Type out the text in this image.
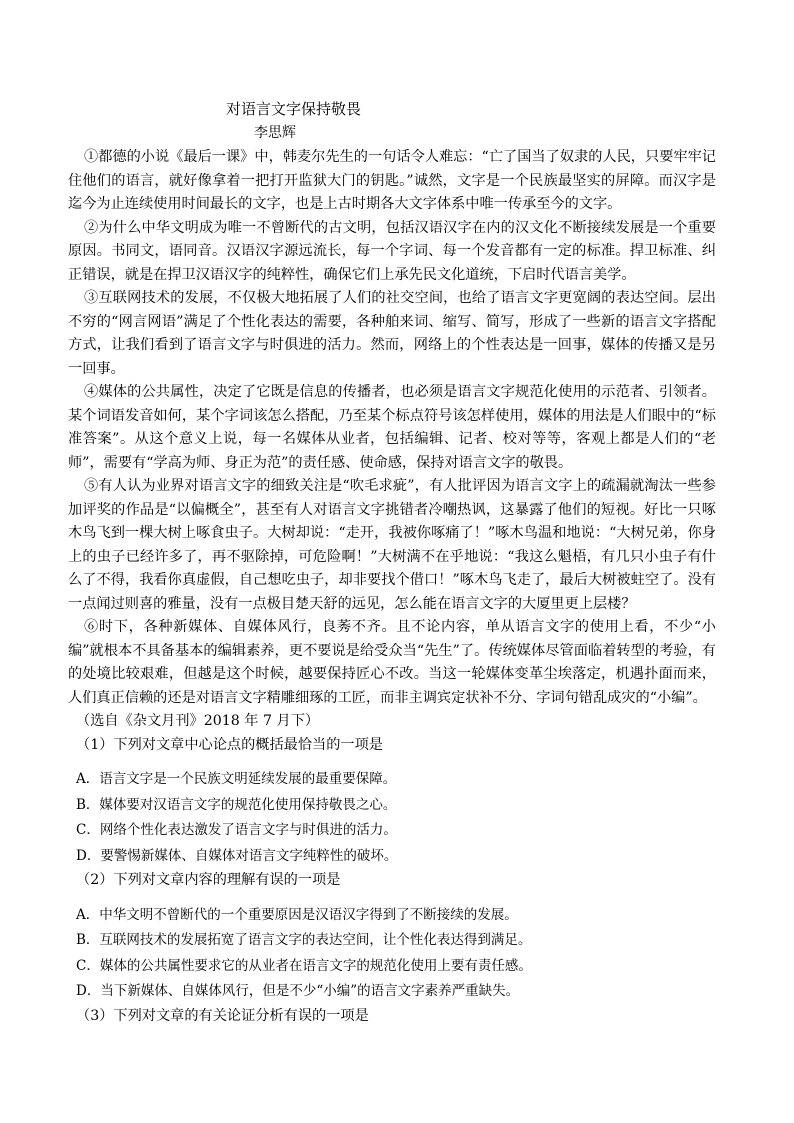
对语言文字保持敬畏
李思辉

①都德的小说《最后一课》中，韩麦尔先生的一句话令人难忘：“亡了国当了奴隶的人民，只要牢牢记住他们的语言，就好像拿着一把打开监狱大门的钥匙。”诚然，文字是一个民族最坚实的屏障。而汉字是迄今为止连续使用时间最长的文字，也是上古时期各大文字体系中唯一传承至今的文字。

②为什么中华文明成为唯一不曾断代的古文明，包括汉语汉字在内的汉文化不断接续发展是一个重要原因。书同文，语同音。汉语汉字源远流长，每一个字词、每一个发音都有一定的标准。捍卫标准、纠正错误，就是在捍卫汉语汉字的纯粹性，确保它们上承先民文化道统，下启时代语言美学。

③互联网技术的发展，不仅极大地拓展了人们的社交空间，也给了语言文字更宽阔的表达空间。层出不穷的“网言网语”满足了个性化表达的需要，各种舶来词、缩写、简写，形成了一些新的语言文字搭配方式，让我们看到了语言文字与时俱进的活力。然而，网络上的个性表达是一回事，媒体的传播又是另一回事。

④媒体的公共属性，决定了它既是信息的传播者，也必须是语言文字规范化使用的示范者、引领者。某个词语发音如何，某个字词该怎么搭配，乃至某个标点符号该怎样使用，媒体的用法是人们眼中的“标准答案”。从这个意义上说，每一名媒体从业者，包括编辑、记者、校对等等，客观上都是人们的“老师”，需要有“学高为师、身正为范”的责任感、使命感，保持对语言文字的敬畏。

⑤有人认为业界对语言文字的细致关注是“吹毛求疵”，有人批评因为语言文字上的疏漏就淘汰一些参加评奖的作品是“以偏概全”，甚至有人对语言文字挑错者冷嘲热讽，这暴露了他们的短视。好比一只啄木鸟飞到一棵大树上啄食虫子。大树却说：“走开，我被你啄痛了！”啄木鸟温和地说：“大树兄弟，你身上的虫子已经许多了，再不驱除掉，可危险啊！”大树满不在乎地说：“我这么魁梧，有几只小虫子有什么了不得，我看你真虚假，自己想吃虫子，却非要找个借口！”啄木鸟飞走了，最后大树被蛀空了。没有一点闻过则喜的雅量，没有一点极目楚天舒的远见，怎么能在语言文字的大厦里更上层楼？

⑥时下，各种新媒体、自媒体风行，良莠不齐。且不论内容，单从语言文字的使用上看，不少“小编”就根本不具备基本的编辑素养，更不要说是给受众当“先生”了。传统媒体尽管面临着转型的考验，有的处境比较艰难，但越是这个时候，越要保持匠心不改。当这一轮媒体变革尘埃落定，机遇扑面而来，人们真正信赖的还是对语言文字精雕细琢的工匠，而非主调宾定状补不分、字词句错乱成灾的“小编”。

（选自《杂文月刊》2018 年 7 月下）

（1）下列对文章中心论点的概括最恰当的一项是

A．语言文字是一个民族文明延续发展的最重要保障。

B．媒体要对汉语言文字的规范化使用保持敬畏之心。

C．网络个性化表达激发了语言文字与时俱进的活力。

D．要警惕新媒体、自媒体对语言文字纯粹性的破坏。

（2）下列对文章内容的理解有误的一项是

A．中华文明不曾断代的一个重要原因是汉语汉字得到了不断接续的发展。

B．互联网技术的发展拓宽了语言文字的表达空间，让个性化表达得到满足。

C．媒体的公共属性要求它的从业者在语言文字的规范化使用上要有责任感。

D．当下新媒体、自媒体风行，但是不少“小编”的语言文字素养严重缺失。

（3）下列对文章的有关论证分析有误的一项是
